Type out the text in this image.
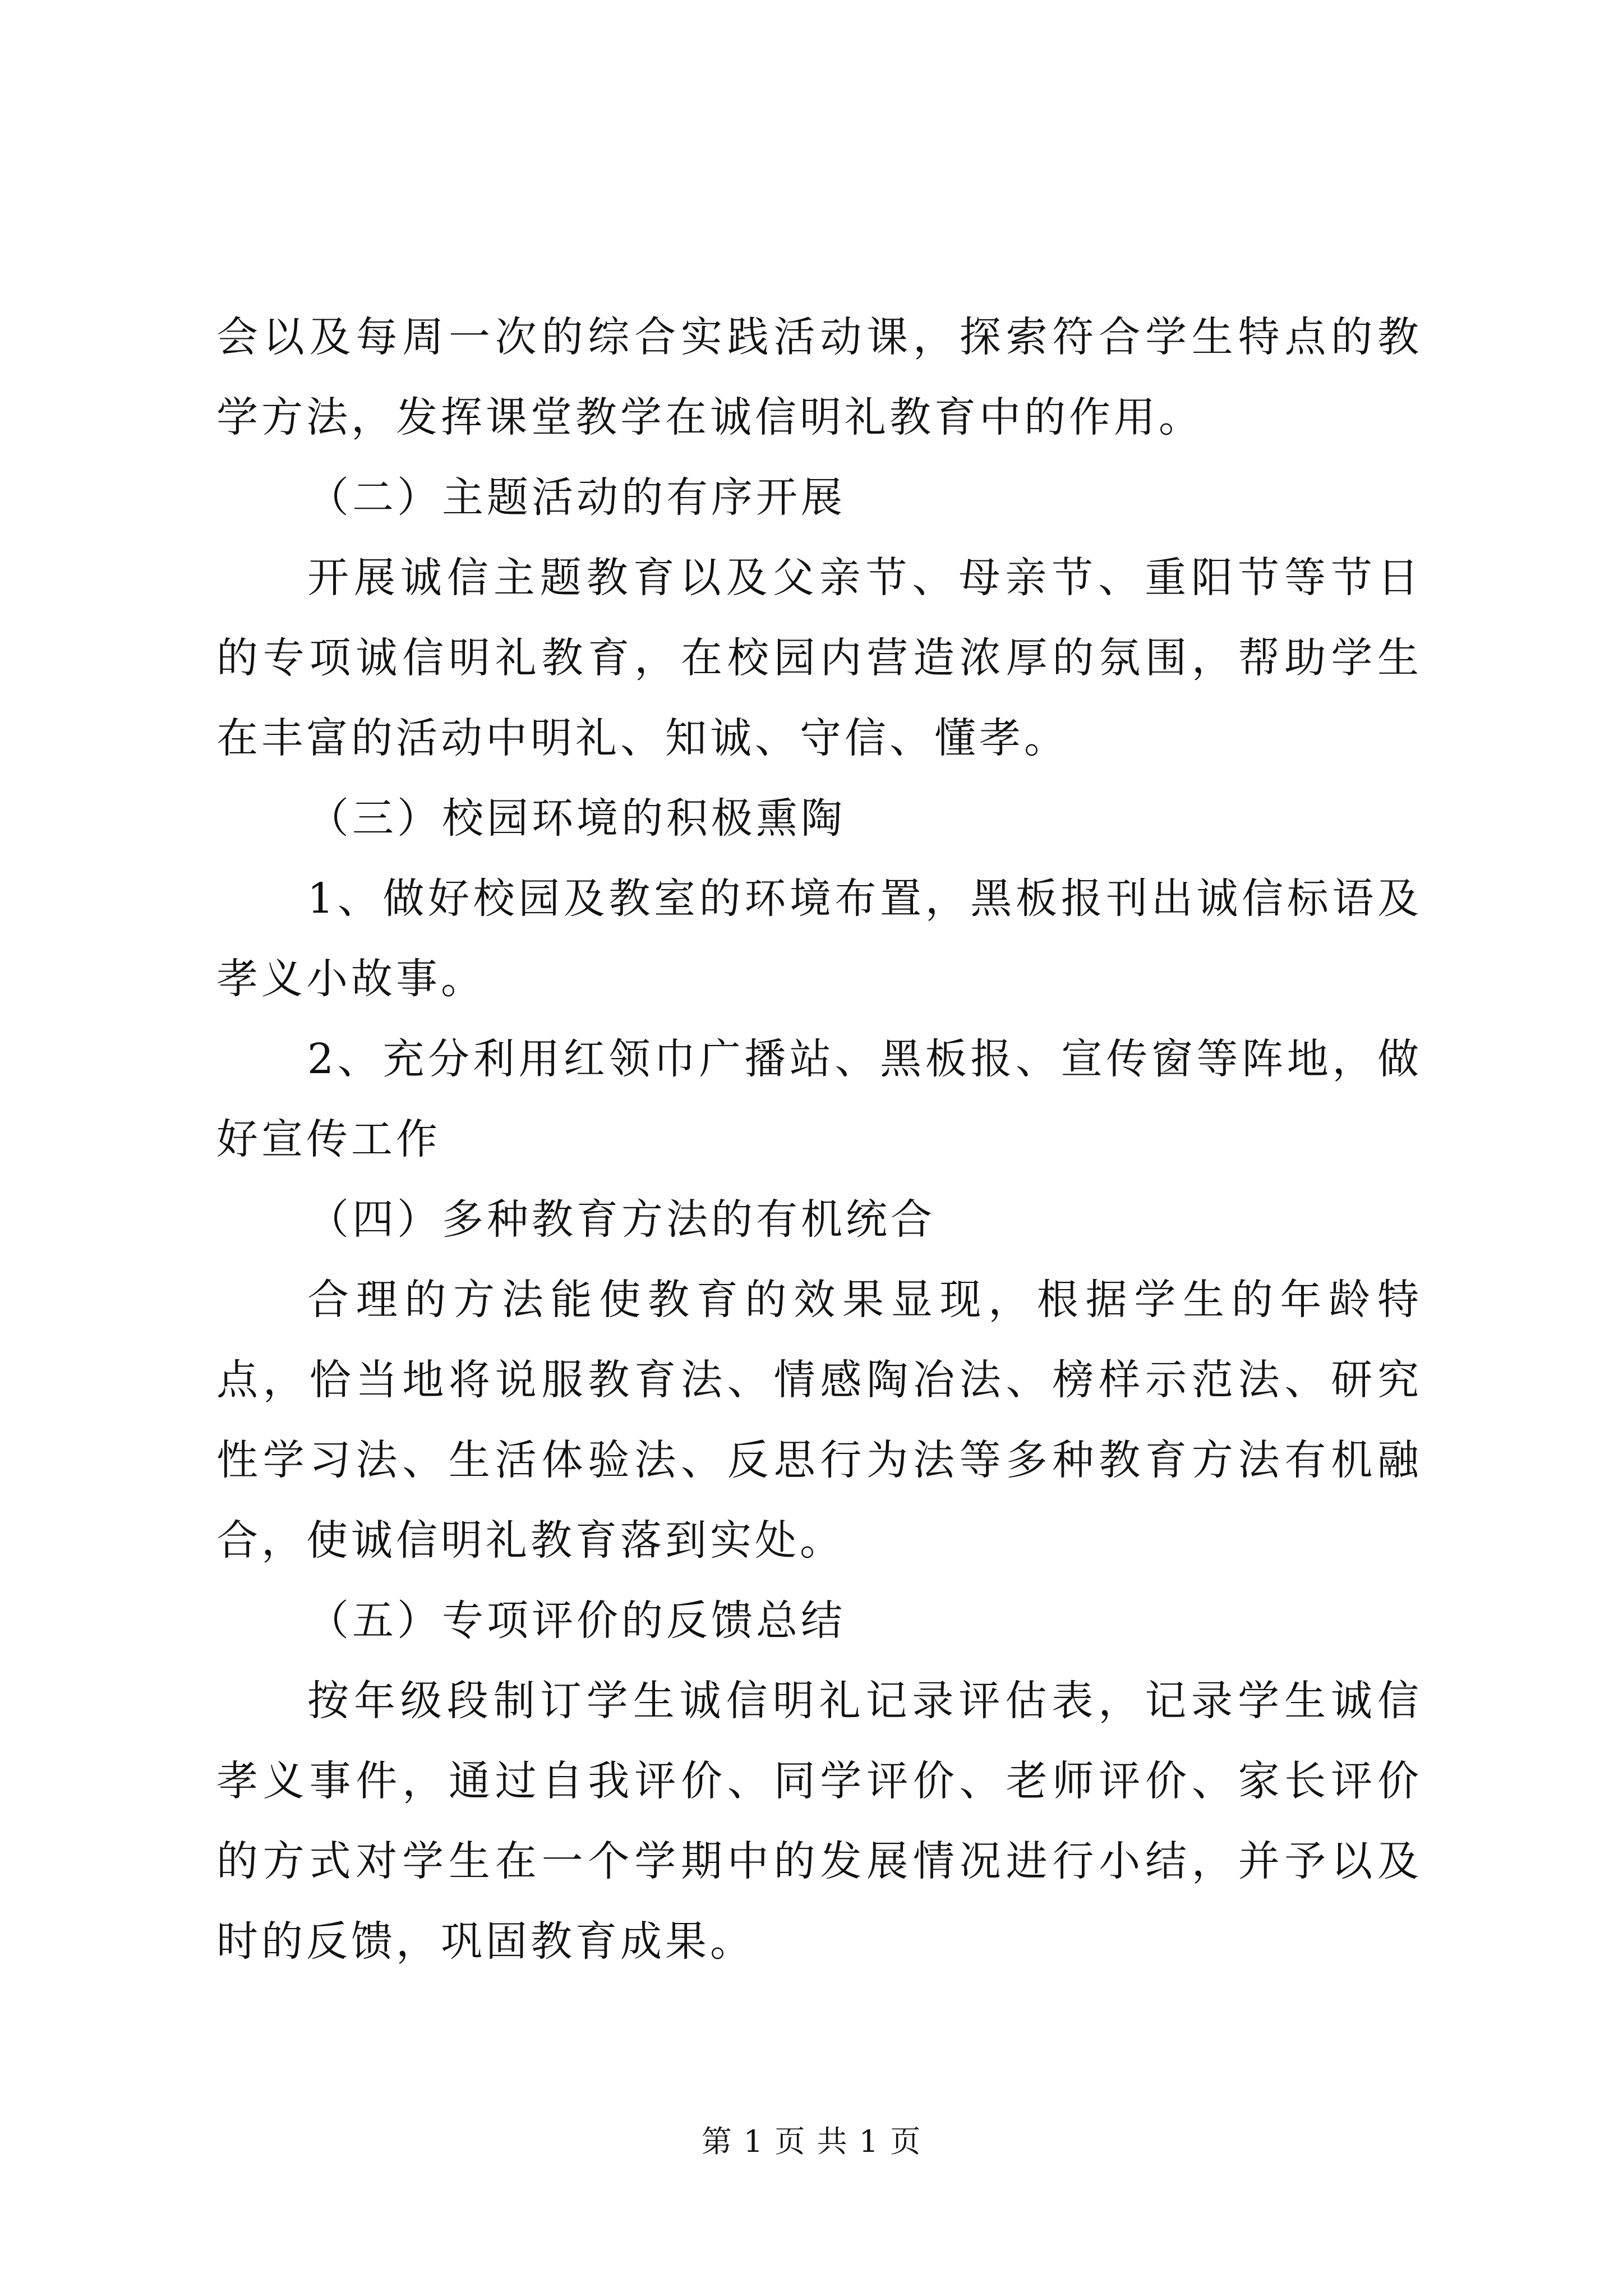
会以及每周一次的综合实践活动课，探索符合学生特点的教学方法，发挥课堂教学在诚信明礼教育中的作用。

（二）主题活动的有序开展

开展诚信主题教育以及父亲节、母亲节、重阳节等节日的专项诚信明礼教育，在校园内营造浓厚的氛围，帮助学生在丰富的活动中明礼、知诚、守信、懂孝。

（三）校园环境的积极熏陶

1、做好校园及教室的环境布置，黑板报刊出诚信标语及孝义小故事。

2、充分利用红领巾广播站、黑板报、宣传窗等阵地，做好宣传工作

（四）多种教育方法的有机统合

合理的方法能使教育的效果显现，根据学生的年龄特点，恰当地将说服教育法、情感陶冶法、榜样示范法、研究性学习法、生活体验法、反思行为法等多种教育方法有机融合，使诚信明礼教育落到实处。

（五）专项评价的反馈总结

按年级段制订学生诚信明礼记录评估表，记录学生诚信孝义事件，通过自我评价、同学评价、老师评价、家长评价的方式对学生在一个学期中的发展情况进行小结，并予以及时的反馈，巩固教育成果。

第 1 页 共 1 页
